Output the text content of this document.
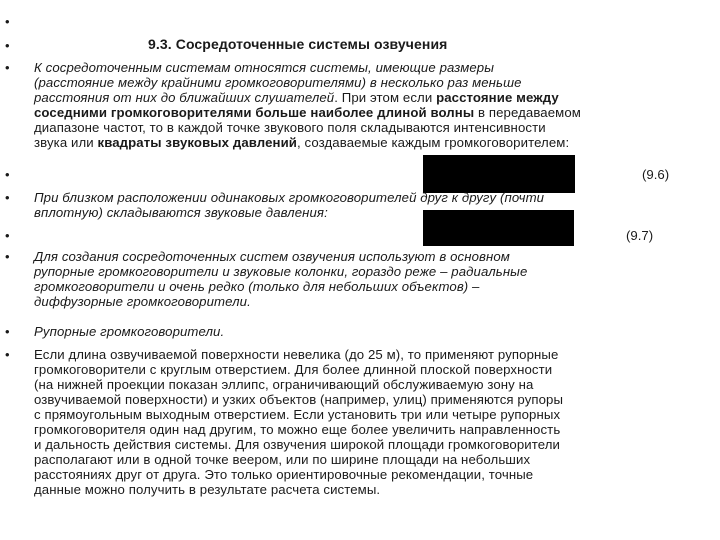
•
•
•
•
•
•
•
•
•
9.3. Сосредоточенные системы озвучения
К сосредоточенным системам относятся системы, имеющие размеры
(расстояние между крайними громкоговорителями) в несколько раз меньше
расстояния от них до ближайших слушателей. При этом если расстояние между
соседними громкоговорителями больше наиболее длиной волны в передаваемом
диапазоне частот, то в каждой точке звукового поля складываются интенсивности
звука или квадраты звуковых давлений, создаваемые каждым громкоговорителем:
(9.6)
При близком расположении одинаковых громкоговорителей друг к другу (почти
вплотную) складываются звуковые давления:
(9.7)
Для создания сосредоточенных систем озвучения используют в основном
рупорные громкоговорители и звуковые колонки, гораздо реже – радиальные
громкоговорители и очень редко (только для небольших объектов) –
диффузорные громкоговорители.
Рупорные громкоговорители.
Если длина озвучиваемой поверхности невелика (до 25 м), то применяют рупорные
громкоговорители с круглым отверстием. Для более длинной плоской поверхности
(на нижней проекции показан эллипс, ограничивающий обслуживаемую зону на
озвучиваемой поверхности) и узких объектов (например, улиц) применяются рупоры
с прямоугольным выходным отверстием. Если установить три или четыре рупорных
громкоговорителя один над другим, то можно еще более увеличить направленность
и дальность действия системы. Для озвучения широкой площади громкоговорители
располагают или в одной точке веером, или по ширине площади на небольших
расстояниях друг от друга. Это только ориентировочные рекомендации, точные
данные можно получить в результате расчета системы.
